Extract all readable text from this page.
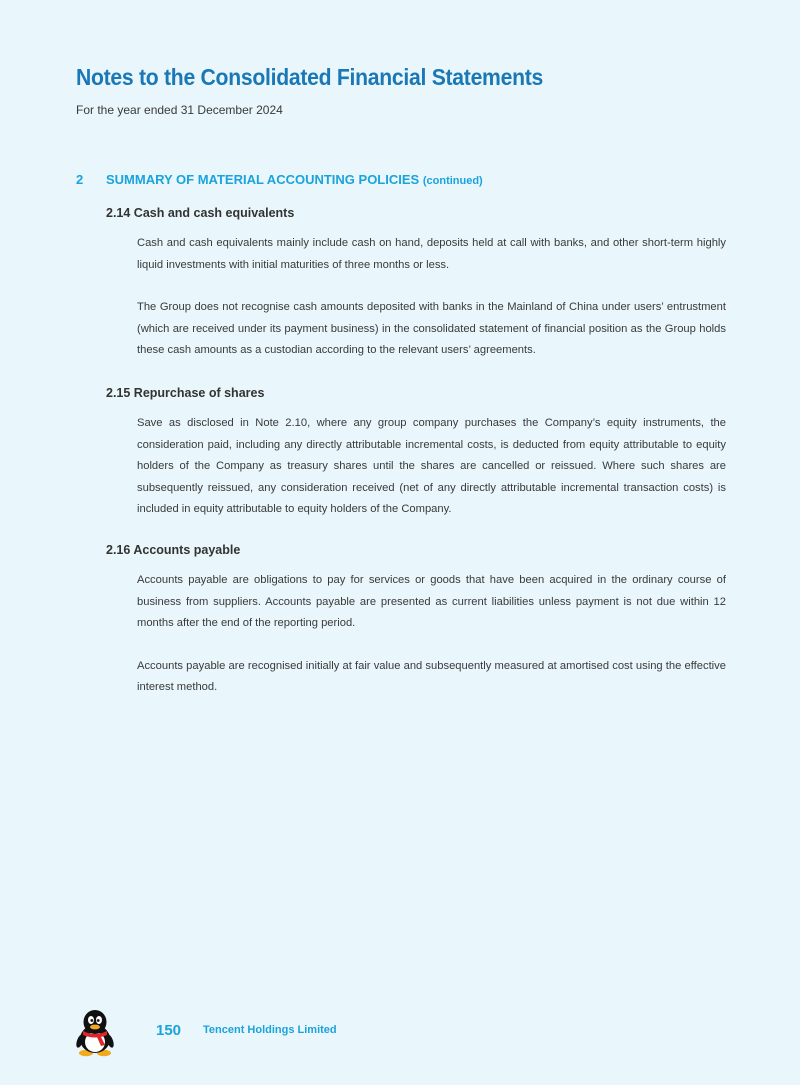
Notes to the Consolidated Financial Statements
For the year ended 31 December 2024
2 SUMMARY OF MATERIAL ACCOUNTING POLICIES (continued)
2.14 Cash and cash equivalents

Cash and cash equivalents mainly include cash on hand, deposits held at call with banks, and other short-term highly liquid investments with initial maturities of three months or less.

The Group does not recognise cash amounts deposited with banks in the Mainland of China under users’ entrustment (which are received under its payment business) in the consolidated statement of financial position as the Group holds these cash amounts as a custodian according to the relevant users’ agreements.

2.15 Repurchase of shares

Save as disclosed in Note 2.10, where any group company purchases the Company’s equity instruments, the consideration paid, including any directly attributable incremental costs, is deducted from equity attributable to equity holders of the Company as treasury shares until the shares are cancelled or reissued. Where such shares are subsequently reissued, any consideration received (net of any directly attributable incremental transaction costs) is included in equity attributable to equity holders of the Company.

2.16 Accounts payable

Accounts payable are obligations to pay for services or goods that have been acquired in the ordinary course of business from suppliers. Accounts payable are presented as current liabilities unless payment is not due within 12 months after the end of the reporting period.

Accounts payable are recognised initially at fair value and subsequently measured at amortised cost using the effective interest method.

150 Tencent Holdings Limited
